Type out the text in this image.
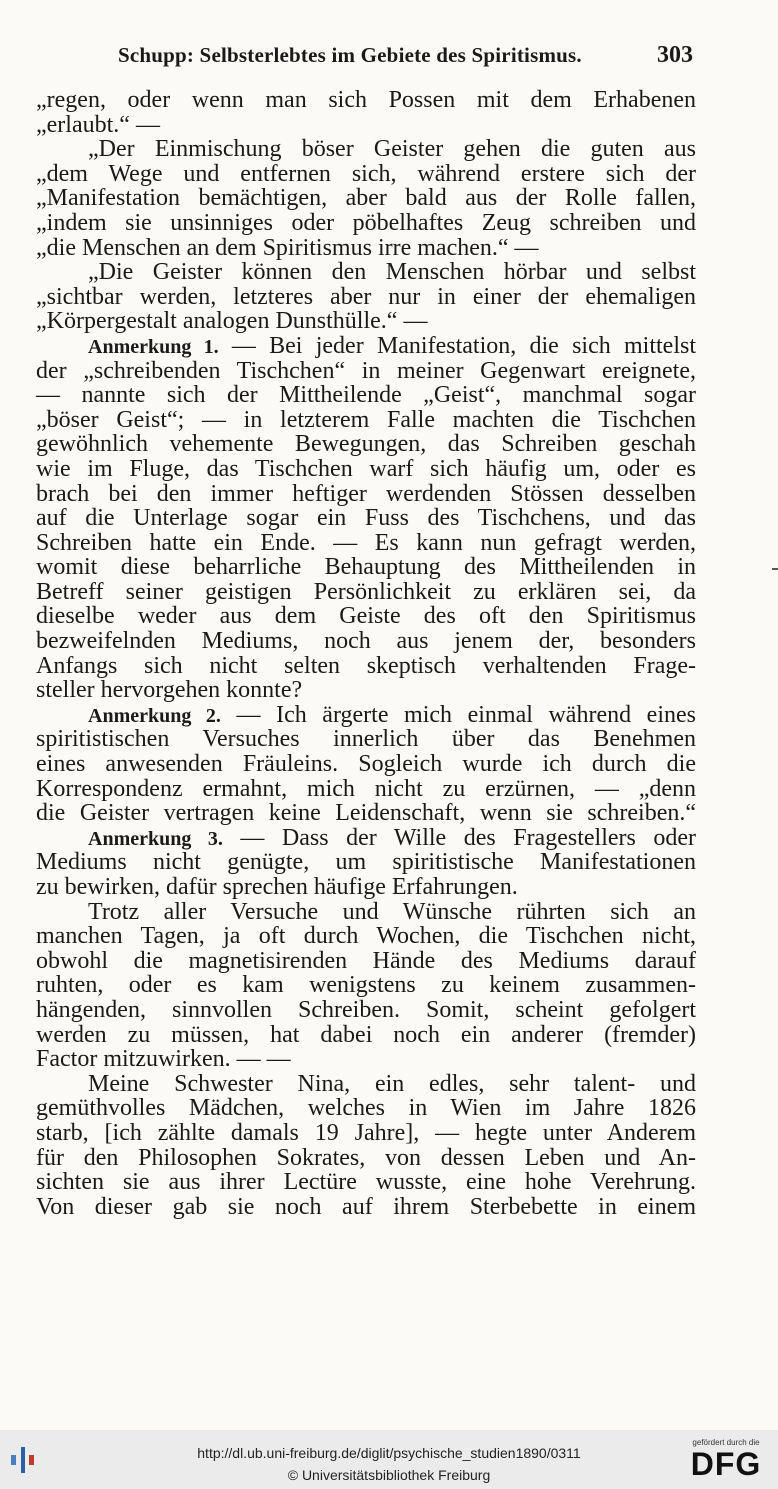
Schupp: Selbsterlebtes im Gebiete des Spiritismus.	303
„regen, oder wenn man sich Possen mit dem Erhabenen
„erlaubt.“ —
„Der Einmischung böser Geister gehen die guten aus
„dem Wege und entfernen sich, während erstere sich der
„Manifestation bemächtigen, aber bald aus der Rolle fallen,
„indem sie unsinniges oder pöbelhaftes Zeug schreiben und
„die Menschen an dem Spiritismus irre machen.“ —
„Die Geister können den Menschen hörbar und selbst
„sichtbar werden, letzteres aber nur in einer der ehemaligen
„Körpergestalt analogen Dunsthülle.“ —
Anmerkung 1. — Bei jeder Manifestation, die sich mittelst
der „schreibenden Tischchen“ in meiner Gegenwart ereignete,
— nannte sich der Mittheilende „Geist“, manchmal sogar
„böser Geist“; — in letzterem Falle machten die Tischchen
gewöhnlich vehemente Bewegungen, das Schreiben geschah
wie im Fluge, das Tischchen warf sich häufig um, oder es
brach bei den immer heftiger werdenden Stössen desselben
auf die Unterlage sogar ein Fuss des Tischchens, und das
Schreiben hatte ein Ende. — Es kann nun gefragt werden,
womit diese beharrliche Behauptung des Mittheilenden in
Betreff seiner geistigen Persönlichkeit zu erklären sei, da
dieselbe weder aus dem Geiste des oft den Spiritismus
bezweifelnden Mediums, noch aus jenem der, besonders
Anfangs sich nicht selten skeptisch verhaltenden Frage-
steller hervorgehen konnte?
Anmerkung 2. — Ich ärgerte mich einmal während eines
spiritistischen Versuches innerlich über das Benehmen
eines anwesenden Fräuleins. Sogleich wurde ich durch die
Korrespondenz ermahnt, mich nicht zu erzürnen, — „denn
die Geister vertragen keine Leidenschaft, wenn sie schreiben.“
Anmerkung 3. — Dass der Wille des Fragestellers oder
Mediums nicht genügte, um spiritistische Manifestationen
zu bewirken, dafür sprechen häufige Erfahrungen.
Trotz aller Versuche und Wünsche rührten sich an
manchen Tagen, ja oft durch Wochen, die Tischchen nicht,
obwohl die magnetisirenden Hände des Mediums darauf
ruhten, oder es kam wenigstens zu keinem zusammen-
hängenden, sinnvollen Schreiben. Somit, scheint gefolgert
werden zu müssen, hat dabei noch ein anderer (fremder)
Factor mitzuwirken. — —
Meine Schwester Nina, ein edles, sehr talent- und
gemüthvolles Mädchen, welches in Wien im Jahre 1826
starb, [ich zählte damals 19 Jahre], — hegte unter Anderem
für den Philosophen Sokrates, von dessen Leben und An-
sichten sie aus ihrer Lectüre wusste, eine hohe Verehrung.
Von dieser gab sie noch auf ihrem Sterbebette in einem
http://dl.ub.uni-freiburg.de/diglit/psychische_studien1890/0311
© Universitätsbibliothek Freiburg
gefördert durch die
DFG
